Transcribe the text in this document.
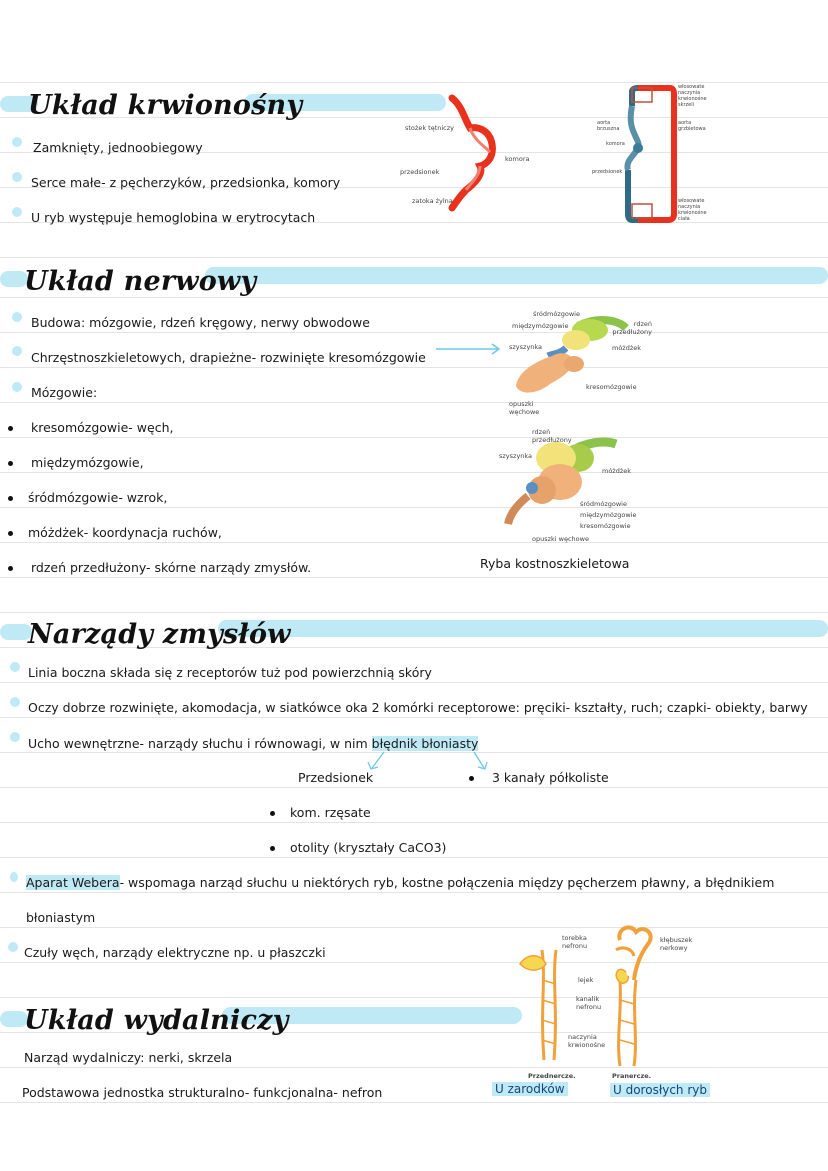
Układ krwionośny
Zamknięty, jednoobiegowy
Serce małe- z pęcherzyków, przedsionka, komory
U ryb występuje hemoglobina w erytrocytach
stożek tętniczy
komora
przedsionek
zatoka żylna
włosowate naczynia krwionośne skrzeli
aorta brzuszna
aorta grzbietowa
komora
przedsionek
włosowate naczynia krwionośne ciała
Układ nerwowy
Budowa: mózgowie, rdzeń kręgowy, nerwy obwodowe
Chrzęstnoszkieletowych, drapieżne- rozwinięte kresomózgowie
Mózgowie:
kresomózgowie- węch,
międzymózgowie,
śródmózgowie- wzrok,
móżdżek- koordynacja ruchów,
rdzeń przedłużony- skórne narządy zmysłów.
śródmózgowie
międzymózgowie	rdzeń przedłużony
szyszynka	móżdżek
kresomózgowie
opuszki węchowe
rdzeń przedłużony
szyszynka
móżdżek
śródmózgowie
międzymózgowie
kresomózgowie
opuszki węchowe
Ryba kostnoszkieletowa
Narządy zmysłów
Linia boczna składa się z receptorów tuż pod powierzchnią skóry
Oczy dobrze rozwinięte, akomodacja, w siatkówce oka 2 komórki receptorowe: pręciki- kształty, ruch; czapki- obiekty, barwy
Ucho wewnętrzne- narządy słuchu i równowagi, w nim błędnik błoniasty
Przedsionek	3 kanały półkoliste
kom. rzęsate
otolity (kryształy CaCO3)
Aparat Webera- wspomaga narząd słuchu u niektórych ryb, kostne połączenia między pęcherzem pławny, a błędnikiem
błoniastym
Czuły węch, narządy elektryczne np. u płaszczki
Układ wydalniczy
Narząd wydalniczy: nerki, skrzela
Podstawowa jednostka strukturalno- funkcjonalna- nefron
torebka nefronu
kłębuszek nerkowy
lejek
kanalik nefronu
naczynia krwionośne
Przednercze.	Pranercze.
U zarodków	U dorosłych ryb
